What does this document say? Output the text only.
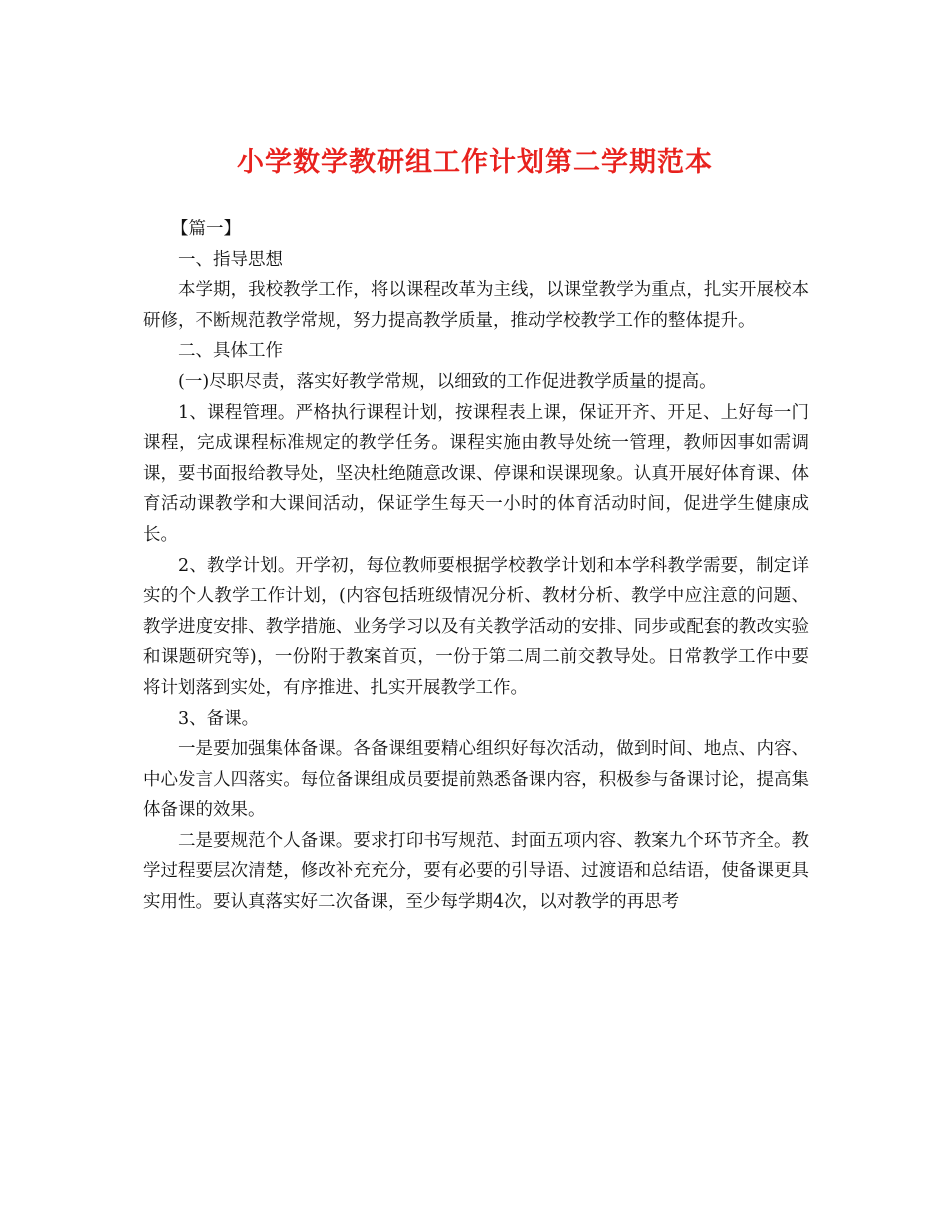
小学数学教研组工作计划第二学期范本

【篇一】

一、指导思想

本学期，我校教学工作，将以课程改革为主线，以课堂教学为重点，扎实开展校本研修，不断规范教学常规，努力提高教学质量，推动学校教学工作的整体提升。

二、具体工作

(一)尽职尽责，落实好教学常规，以细致的工作促进教学质量的提高。

1、课程管理。严格执行课程计划，按课程表上课，保证开齐、开足、上好每一门课程，完成课程标准规定的教学任务。课程实施由教导处统一管理，教师因事如需调课，要书面报给教导处，坚决杜绝随意改课、停课和误课现象。认真开展好体育课、体育活动课教学和大课间活动，保证学生每天一小时的体育活动时间，促进学生健康成长。

2、教学计划。开学初，每位教师要根据学校教学计划和本学科教学需要，制定详实的个人教学工作计划，(内容包括班级情况分析、教材分析、教学中应注意的问题、教学进度安排、教学措施、业务学习以及有关教学活动的安排、同步或配套的教改实验和课题研究等)，一份附于教案首页，一份于第二周二前交教导处。日常教学工作中要将计划落到实处，有序推进、扎实开展教学工作。

3、备课。

一是要加强集体备课。各备课组要精心组织好每次活动，做到时间、地点、内容、中心发言人四落实。每位备课组成员要提前熟悉备课内容，积极参与备课讨论，提高集体备课的效果。

二是要规范个人备课。要求打印书写规范、封面五项内容、教案九个环节齐全。教学过程要层次清楚，修改补充充分，要有必要的引导语、过渡语和总结语，使备课更具实用性。要认真落实好二次备课，至少每学期4次，以对教学的再思考
